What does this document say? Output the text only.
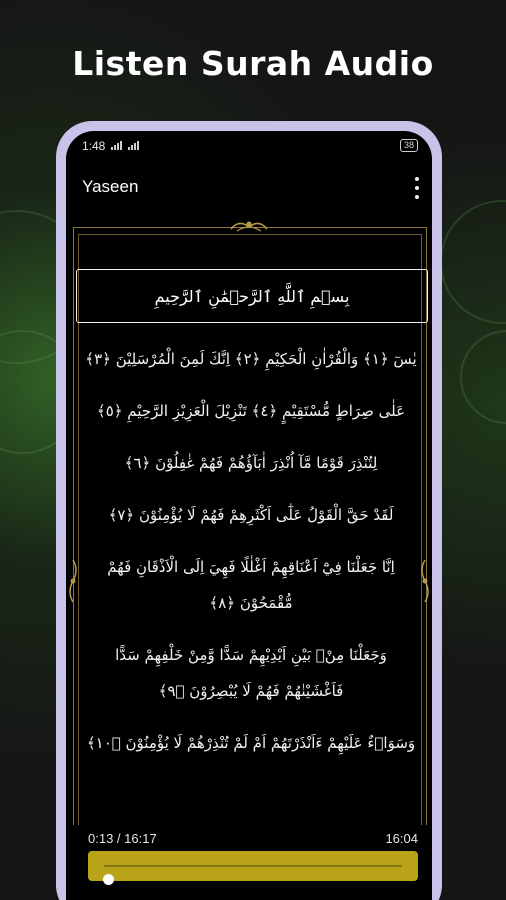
Listen Surah Audio
1:48	38
Yaseen
بِسۡمِ ٱللَّهِ ٱلرَّحۡمَٰنِ ٱلرَّحِيمِ

يٰسٓ ﴿١﴾ وَالْقُرْاٰنِ الْحَكِيْمِ ﴿٢﴾ اِنَّكَ لَمِنَ الْمُرْسَلِيْنَ ﴿٣﴾

عَلٰى صِرَاطٍ مُّسْتَقِيْمٍ ﴿٤﴾ تَنْزِيْلَ الْعَزِيْزِ الرَّحِيْمِ ﴿٥﴾

لِتُنْذِرَ قَوْمًا مَّآ اُنْذِرَ اٰبَآؤُهُمْ فَهُمْ غٰفِلُوْنَ ﴿٦﴾

لَقَدْ حَقَّ الْقَوْلُ عَلٰٓى اَكْثَرِهِمْ فَهُمْ لَا يُؤْمِنُوْنَ ﴿٧﴾

اِنَّا جَعَلْنَا فِيْٓ اَعْنَاقِهِمْ اَغْلٰلًا فَهِيَ اِلَى الْاَذْقَانِ فَهُمْ مُّقْمَحُوْنَ ﴿٨﴾

وَجَعَلْنَا مِنْۢ بَيْنِ اَيْدِيْهِمْ سَدًّا وَّمِنْ خَلْفِهِمْ سَدًّا فَاَغْشَيْنٰهُمْ فَهُمْ لَا يُبْصِرُوْنَ ﴿٩﴾

وَسَوَاۤءٌ عَلَيْهِمْ ءَاَنْذَرْتَهُمْ اَمْ لَمْ تُنْذِرْهُمْ لَا يُؤْمِنُوْنَ ﴿١٠﴾

0:13 / 16:17	16:04
